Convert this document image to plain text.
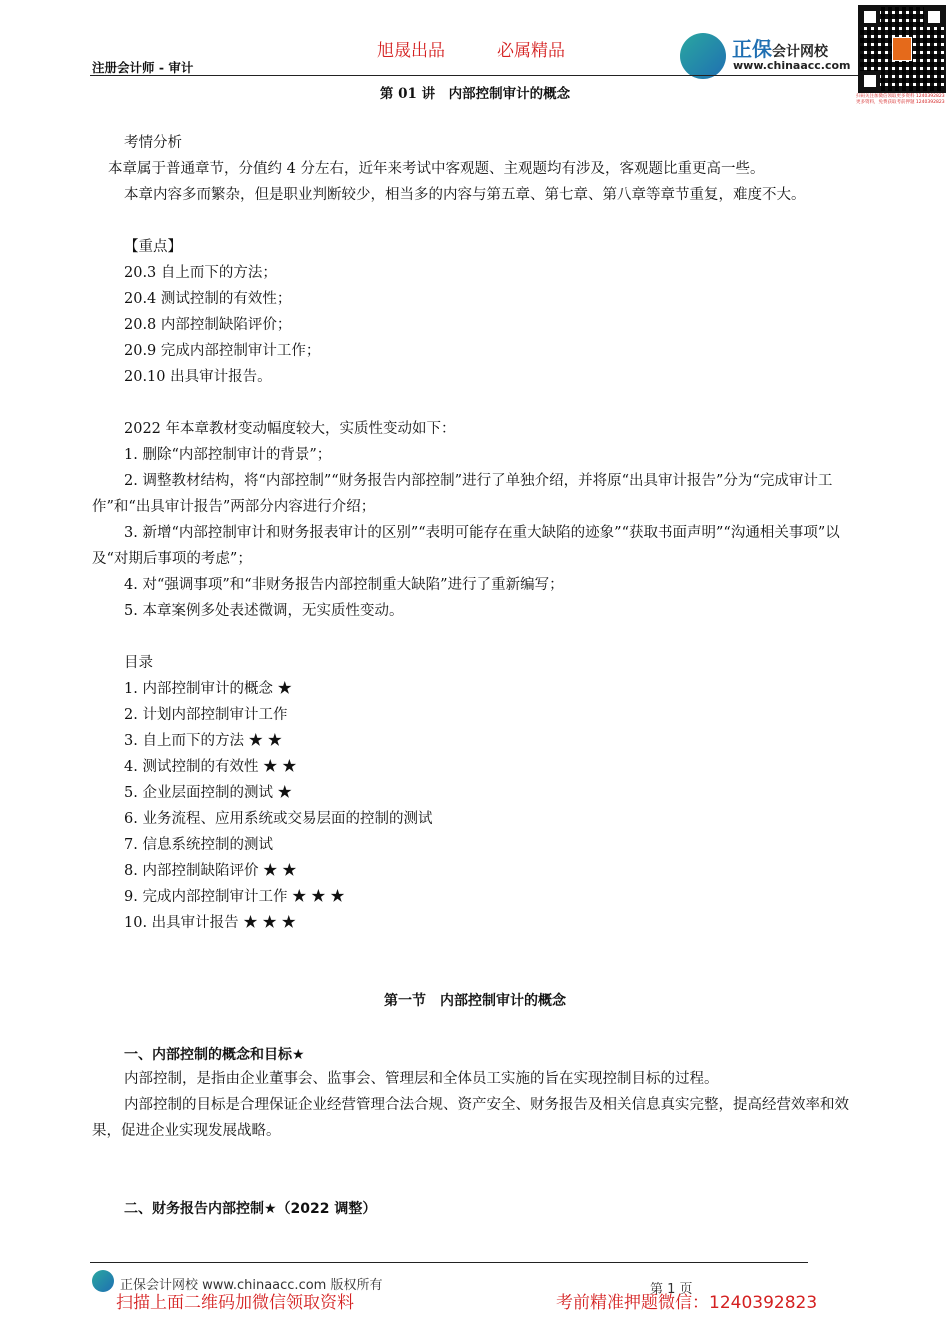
旭晟出品	必属精品
注册会计师 - 审计
正保会计网校
www.chinaacc.com
扫码关注加微信领取更多资料 1240392823
更多资料，免费获取考前押题 1240392823
第 01 讲　内部控制审计的概念
考情分析
本章属于普通章节，分值约 4 分左右，近年来考试中客观题、主观题均有涉及，客观题比重更高一些。
本章内容多而繁杂，但是职业判断较少，相当多的内容与第五章、第七章、第八章等章节重复，难度不大。
【重点】
20.3 自上而下的方法；
20.4 测试控制的有效性；
20.8 内部控制缺陷评价；
20.9 完成内部控制审计工作；
20.10 出具审计报告。
2022 年本章教材变动幅度较大，实质性变动如下：
1. 删除“内部控制审计的背景”；
2. 调整教材结构，将“内部控制”“财务报告内部控制”进行了单独介绍，并将原“出具审计报告”分为“完成审计工作”和“出具审计报告”两部分内容进行介绍；
3. 新增“内部控制审计和财务报表审计的区别”“表明可能存在重大缺陷的迹象”“获取书面声明”“沟通相关事项”以及“对期后事项的考虑”；
4. 对“强调事项”和“非财务报告内部控制重大缺陷”进行了重新编写；
5. 本章案例多处表述微调，无实质性变动。
目录
1. 内部控制审计的概念 ★
2. 计划内部控制审计工作
3. 自上而下的方法 ★ ★
4. 测试控制的有效性 ★ ★
5. 企业层面控制的测试 ★
6. 业务流程、应用系统或交易层面的控制的测试
7. 信息系统控制的测试
8. 内部控制缺陷评价 ★ ★
9. 完成内部控制审计工作 ★ ★ ★
10. 出具审计报告 ★ ★ ★
第一节　内部控制审计的概念
一、内部控制的概念和目标★
内部控制，是指由企业董事会、监事会、管理层和全体员工实施的旨在实现控制目标的过程。
内部控制的目标是合理保证企业经营管理合法合规、资产安全、财务报告及相关信息真实完整，提高经营效率和效果，促进企业实现发展战略。
二、财务报告内部控制★（2022 调整）
正保会计网校 www.chinaacc.com 版权所有	第 1 页
扫描上面二维码加微信领取资料	考前精准押题微信：1240392823
